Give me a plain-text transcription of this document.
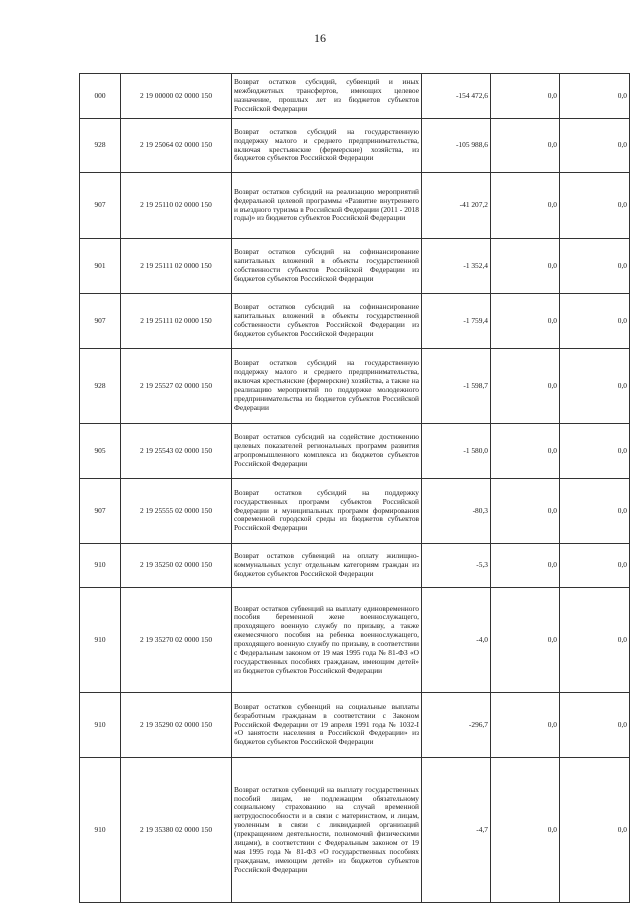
16
000	2 19 00000 02 0000 150	Возврат остатков субсидий, субвенций и иных межбюджетных трансфертов, имеющих целевое назначение, прошлых лет из бюджетов субъектов Российской Федерации	-154 472,6	0,0	0,0
928	2 19 25064 02 0000 150	Возврат остатков субсидий на государственную поддержку малого и среднего предпринимательства, включая крестьянские (фермерские) хозяйства, из бюджетов субъектов Российской Федерации	-105 988,6	0,0	0,0
907	2 19 25110 02 0000 150	Возврат остатков субсидий на реализацию мероприятий федеральной целевой программы «Развитие внутреннего и въездного туризма в Российской Федерации (2011 - 2018 годы)» из бюджетов субъектов Российской Федерации	-41 207,2	0,0	0,0
901	2 19 25111 02 0000 150	Возврат остатков субсидий на софинансирование капитальных вложений в объекты государственной собственности субъектов Российской Федерации из бюджетов субъектов Российской Федерации	-1 352,4	0,0	0,0
907	2 19 25111 02 0000 150	Возврат остатков субсидий на софинансирование капитальных вложений в объекты государственной собственности субъектов Российской Федерации из бюджетов субъектов Российской Федерации	-1 759,4	0,0	0,0
928	2 19 25527 02 0000 150	Возврат остатков субсидий на государственную поддержку малого и среднего предпринимательства, включая крестьянские (фермерские) хозяйства, а также на реализацию мероприятий по поддержке молодежного предпринимательства из бюджетов субъектов Российской Федерации	-1 598,7	0,0	0,0
905	2 19 25543 02 0000 150	Возврат остатков субсидий на содействие достижению целевых показателей региональных программ развития агропромышленного комплекса из бюджетов субъектов Российской Федерации	-1 580,0	0,0	0,0
907	2 19 25555 02 0000 150	Возврат остатков субсидий на поддержку государственных программ субъектов Российской Федерации и муниципальных программ формирования современной городской среды из бюджетов субъектов Российской Федерации	-80,3	0,0	0,0
910	2 19 35250 02 0000 150	Возврат остатков субвенций на оплату жилищно-коммунальных услуг отдельным категориям граждан из бюджетов субъектов Российской Федерации	-5,3	0,0	0,0
910	2 19 35270 02 0000 150	Возврат остатков субвенций на выплату единовременного пособия беременной жене военнослужащего, проходящего военную службу по призыву, а также ежемесячного пособия на ребенка военнослужащего, проходящего военную службу по призыву, в соответствии с Федеральным законом от 19 мая 1995 года № 81-ФЗ «О государственных пособиях гражданам, имеющим детей» из бюджетов субъектов Российской Федерации	-4,0	0,0	0,0
910	2 19 35290 02 0000 150	Возврат остатков субвенций на социальные выплаты безработным гражданам в соответствии с Законом Российской Федерации от 19 апреля 1991 года № 1032-I «О занятости населения в Российской Федерации» из бюджетов субъектов Российской Федерации	-296,7	0,0	0,0
910	2 19 35380 02 0000 150	Возврат остатков субвенций на выплату государственных пособий лицам, не подлежащим обязательному социальному страхованию на случай временной нетрудоспособности и в связи с материнством, и лицам, уволенным в связи с ликвидацией организаций (прекращением деятельности, полномочий физическими лицами), в соответствии с Федеральным законом от 19 мая 1995 года № 81-ФЗ «О государственных пособиях гражданам, имеющим детей» из бюджетов субъектов Российской Федерации	-4,7	0,0	0,0
